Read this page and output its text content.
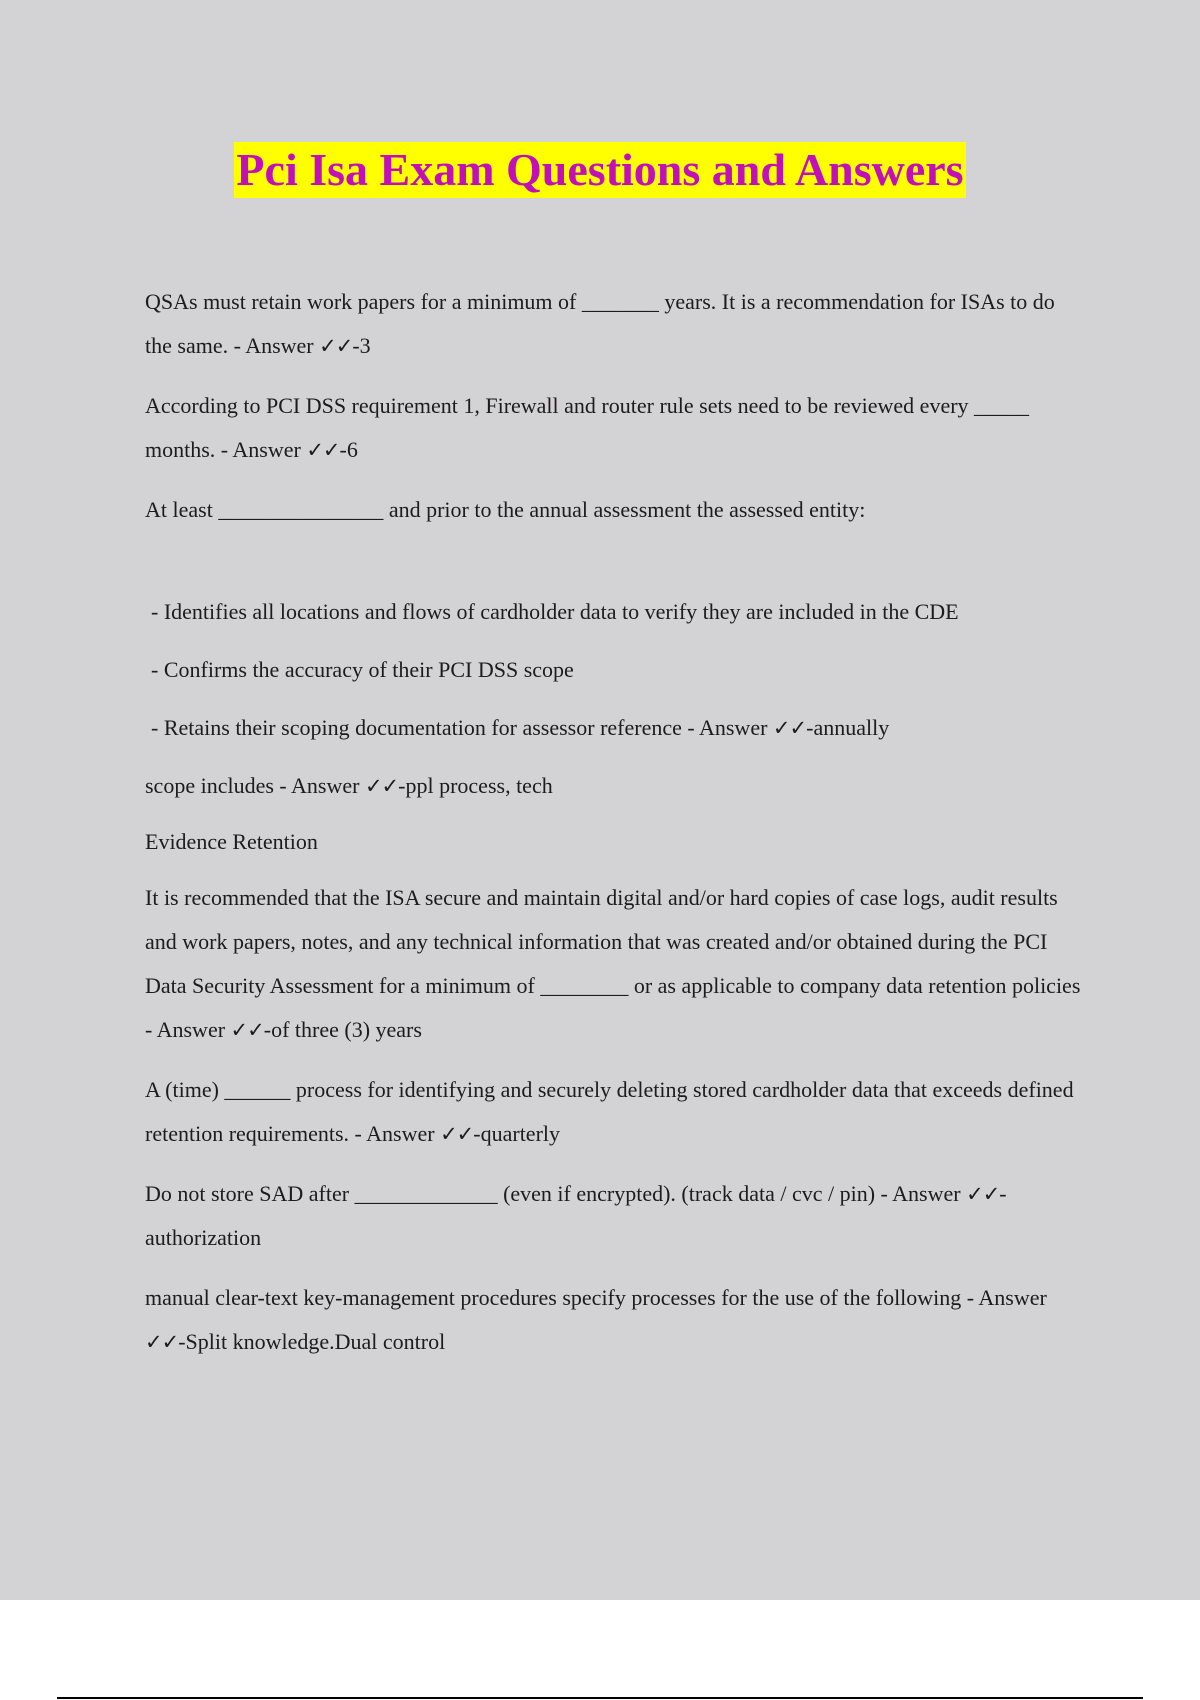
Pci Isa Exam Questions and Answers

QSAs must retain work papers for a minimum of _______ years. It is a recommendation for ISAs to do the same. - Answer ✓✓-3

According to PCI DSS requirement 1, Firewall and router rule sets need to be reviewed every _____ months. - Answer ✓✓-6

At least _______________ and prior to the annual assessment the assessed entity:

- Identifies all locations and flows of cardholder data to verify they are included in the CDE

- Confirms the accuracy of their PCI DSS scope

- Retains their scoping documentation for assessor reference - Answer ✓✓-annually

scope includes - Answer ✓✓-ppl process, tech

Evidence Retention

It is recommended that the ISA secure and maintain digital and/or hard copies of case logs, audit results and work papers, notes, and any technical information that was created and/or obtained during the PCI Data Security Assessment for a minimum of ________ or as applicable to company data retention policies - Answer ✓✓-of three (3) years

A (time) ______ process for identifying and securely deleting stored cardholder data that exceeds defined retention requirements. - Answer ✓✓-quarterly

Do not store SAD after _____________ (even if encrypted). (track data / cvc / pin) - Answer ✓✓-authorization

manual clear-text key-management procedures specify processes for the use of the following - Answer ✓✓-Split knowledge.Dual control
